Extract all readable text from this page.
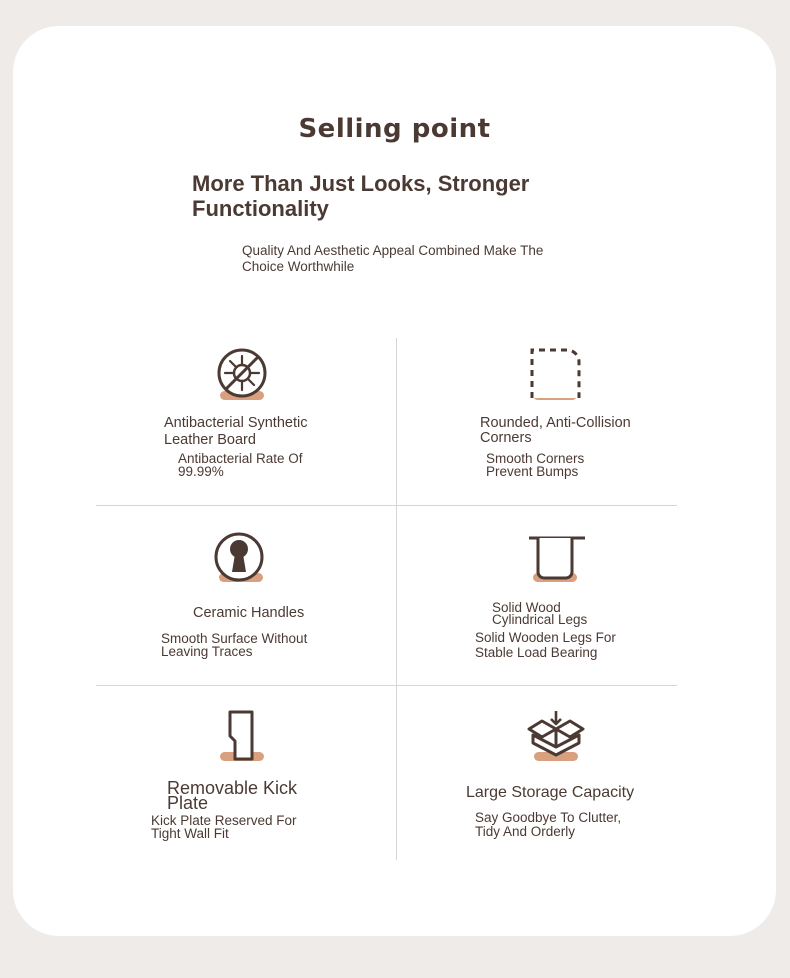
Selling point
More Than Just Looks, Stronger Functionality
Quality And Aesthetic Appeal Combined Make The Choice Worthwhile
Antibacterial Synthetic Leather Board
Antibacterial Rate Of 99.99%
Rounded, Anti-Collision Corners
Smooth Corners Prevent Bumps
Ceramic Handles
Smooth Surface Without Leaving Traces
Solid Wood Cylindrical Legs
Solid Wooden Legs For Stable Load Bearing
Removable Kick Plate
Kick Plate Reserved For Tight Wall Fit
Large Storage Capacity
Say Goodbye To Clutter, Tidy And Orderly
